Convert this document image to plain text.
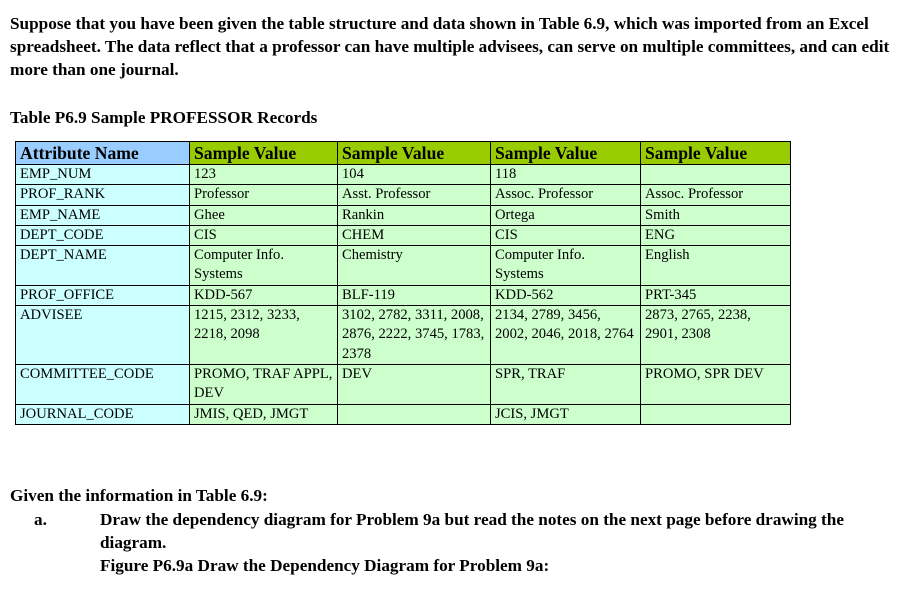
Suppose that you have been given the table structure and data shown in Table 6.9, which was imported from an Excel spreadsheet. The data reflect that a professor can have multiple advisees, can serve on multiple committees, and can edit more than one journal.

Table P6.9 Sample PROFESSOR Records

Attribute Name	Sample Value	Sample Value	Sample Value	Sample Value
EMP_NUM	123	104	118	
PROF_RANK	Professor	Asst. Professor	Assoc. Professor	Assoc. Professor
EMP_NAME	Ghee	Rankin	Ortega	Smith
DEPT_CODE	CIS	CHEM	CIS	ENG
DEPT_NAME	Computer Info. Systems	Chemistry	Computer Info. Systems	English
PROF_OFFICE	KDD-567	BLF-119	KDD-562	PRT-345
ADVISEE	1215, 2312, 3233, 2218, 2098	3102, 2782, 3311, 2008, 2876, 2222, 3745, 1783, 2378	2134, 2789, 3456, 2002, 2046, 2018, 2764	2873, 2765, 2238, 2901, 2308
COMMITTEE_CODE	PROMO, TRAF APPL, DEV	DEV	SPR, TRAF	PROMO, SPR DEV
JOURNAL_CODE	JMIS, QED, JMGT		JCIS, JMGT	

Given the information in Table 6.9:

a.	Draw the dependency diagram for Problem 9a but read the notes on the next page before drawing the diagram.
Figure P6.9a Draw the Dependency Diagram for Problem 9a:
